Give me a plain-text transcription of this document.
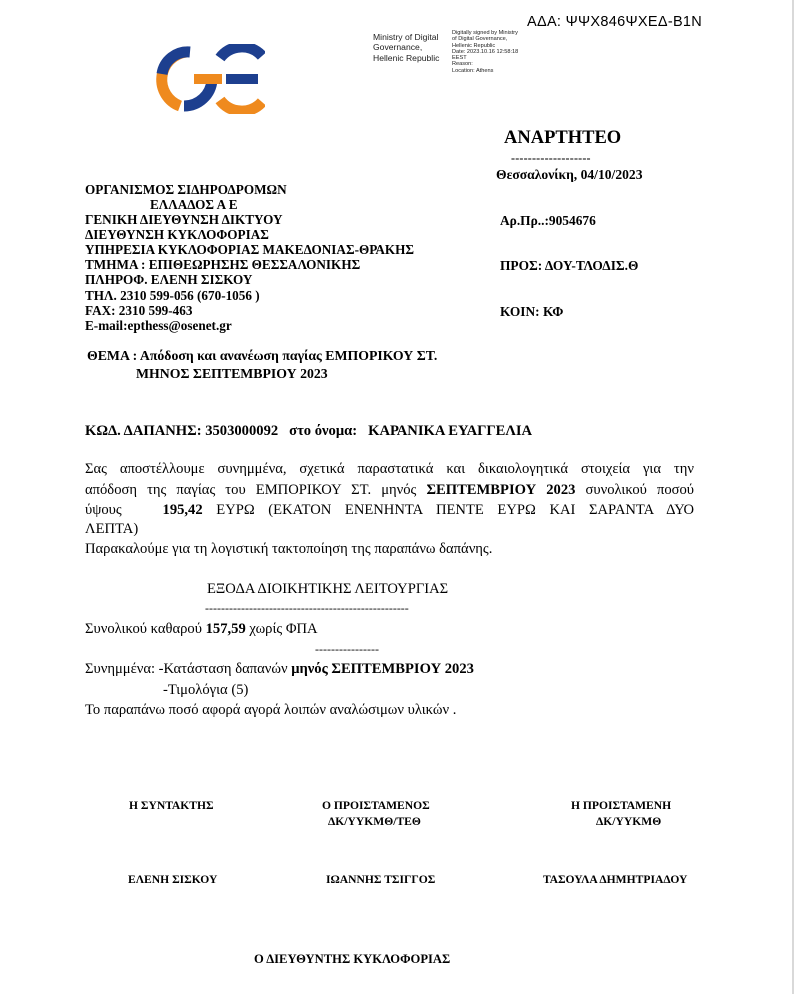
ΑΔΑ: ΨΨΧ846ΨΧΕΔ-Β1Ν
Ministry of Digital
Governance,
Hellenic Republic
Digitally signed by Ministry
of Digital Governance,
Hellenic Republic
Date: 2023.10.16 12:58:18
EEST
Reason:
Location: Athens
ΑΝΑΡΤΗΤΕΟ
-------------------
Θεσσαλονίκη, 04/10/2023
ΟΡΓΑΝΙΣΜΟΣ ΣΙΔΗΡΟΔΡΟΜΩΝ
ΕΛΛΑΔΟΣ Α Ε
ΓΕΝΙΚΗ ΔΙΕΥΘΥΝΣΗ ΔΙΚΤΥΟΥ
ΔΙΕΥΘΥΝΣΗ ΚΥΚΛΟΦΟΡΙΑΣ
ΥΠΗΡΕΣΙΑ ΚΥΚΛΟΦΟΡΙΑΣ ΜΑΚΕΔΟΝΙΑΣ-ΘΡΑΚΗΣ
ΤΜΗΜΑ : ΕΠΙΘΕΩΡΗΣΗΣ ΘΕΣΣΑΛΟΝΙΚΗΣ
ΠΛΗΡΟΦ. ΕΛΕΝΗ ΣΙΣΚΟΥ
ΤΗΛ. 2310 599-056 (670-1056 )
FAX: 2310 599-463
E-mail:epthess@osenet.gr
Αρ.Πρ..:9054676
ΠΡΟΣ: ΔΟΥ-ΤΛΟΔΙΣ.Θ
ΚΟΙΝ: ΚΦ
ΘΕΜΑ : Απόδοση και ανανέωση παγίας ΕΜΠΟΡΙΚΟΥ ΣΤ.
ΜΗΝΟΣ ΣΕΠΤΕΜΒΡΙΟΥ 2023
ΚΩΔ. ΔΑΠΑΝΗΣ: 3503000092 στο όνομα: ΚΑΡΑΝΙΚΑ ΕΥΑΓΓΕΛΙΑ
Σας αποστέλλουμε συνημμένα, σχετικά παραστατικά και δικαιολογητικά στοιχεία για την
απόδοση της παγίας του ΕΜΠΟΡΙΚΟΥ ΣΤ. μηνός ΣΕΠΤΕΜΒΡΙΟΥ 2023 συνολικού ποσού
ύψους	195,42 ΕΥΡΩ (ΕΚΑΤΟΝ ΕΝΕΝΗΝΤΑ ΠΕΝΤΕ ΕΥΡΩ ΚΑΙ ΣΑΡΑΝΤΑ ΔΥΟ
ΛΕΠΤΑ)
Παρακαλούμε για τη λογιστική τακτοποίηση της παραπάνω δαπάνης.
ΕΞΟΔΑ ΔΙΟΙΚΗΤΙΚΗΣ ΛΕΙΤΟΥΡΓΙΑΣ
---------------------------------------------------
Συνολικού καθαρού 157,59 χωρίς ΦΠΑ
----------------
Συνημμένα: -Κατάσταση δαπανών μηνός ΣΕΠΤΕΜΒΡΙΟΥ 2023
-Τιμολόγια (5)
Το παραπάνω ποσό αφορά αγορά λοιπών αναλώσιμων υλικών .
Η ΣΥΝΤΑΚΤΗΣ	Ο ΠΡΟΙΣΤΑΜΕΝΟΣ
ΔΚ/ΥΥΚΜΘ/ΤΕΘ
Η ΠΡΟΙΣΤΑΜΕΝΗ
ΔΚ/ΥΥΚΜΘ
ΕΛΕΝΗ ΣΙΣΚΟΥ	ΙΩΑΝΝΗΣ ΤΣΙΓΓΟΣ	ΤΑΣΟΥΛΑ ΔΗΜΗΤΡΙΑΔΟΥ
Ο ΔΙΕΥΘΥΝΤΗΣ ΚΥΚΛΟΦΟΡΙΑΣ
